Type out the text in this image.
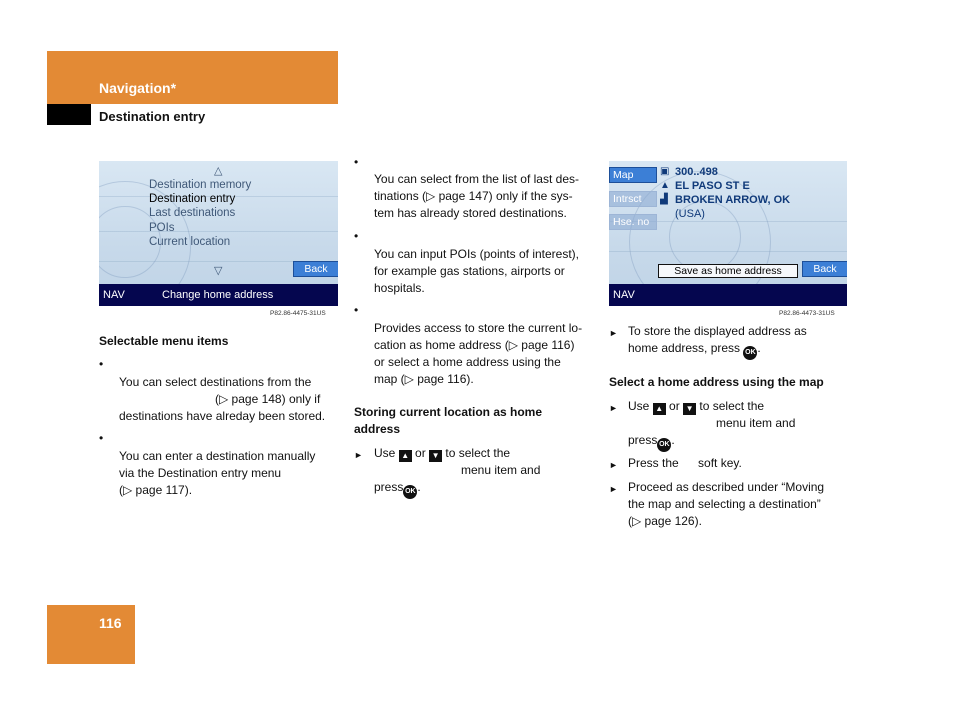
Navigation*
Destination entry
△
Destination memory
Destination entry
Last destinations
POIs
Current location
▽	Back
NAV	Change home address
P82.86-4475-31US
Selectable menu items
•
You can select destinations from the
(▷ page 148) only if
destinations have alreday been stored.
•
You can enter a destination manually
via the Destination entry menu
(▷ page 117).
•
You can select from the list of last des-
tinations (▷ page 147) only if the sys-
tem has already stored destinations.
•
You can input POIs (points of interest),
for example gas stations, airports or
hospitals.
•
Provides access to store the current lo-
cation as home address (▷ page 116)
or select a home address using the
map (▷ page 116).
Storing current location as home
address
► Use ▲ or ▼ to select the
menu item and
press OK .
Map
Intrsct
Hse. no
▣ 300..498
▲ EL PASO ST E
▟ BROKEN ARROW, OK
(USA)
Save as home address	Back
NAV
P82.86-4473-31US
► To store the displayed address as
home address, press OK .
Select a home address using the map
► Use ▲ or ▼ to select the
menu item and
press OK .
► Press the soft key.
► Proceed as described under “Moving
the map and selecting a destination”
(▷ page 126).
116
